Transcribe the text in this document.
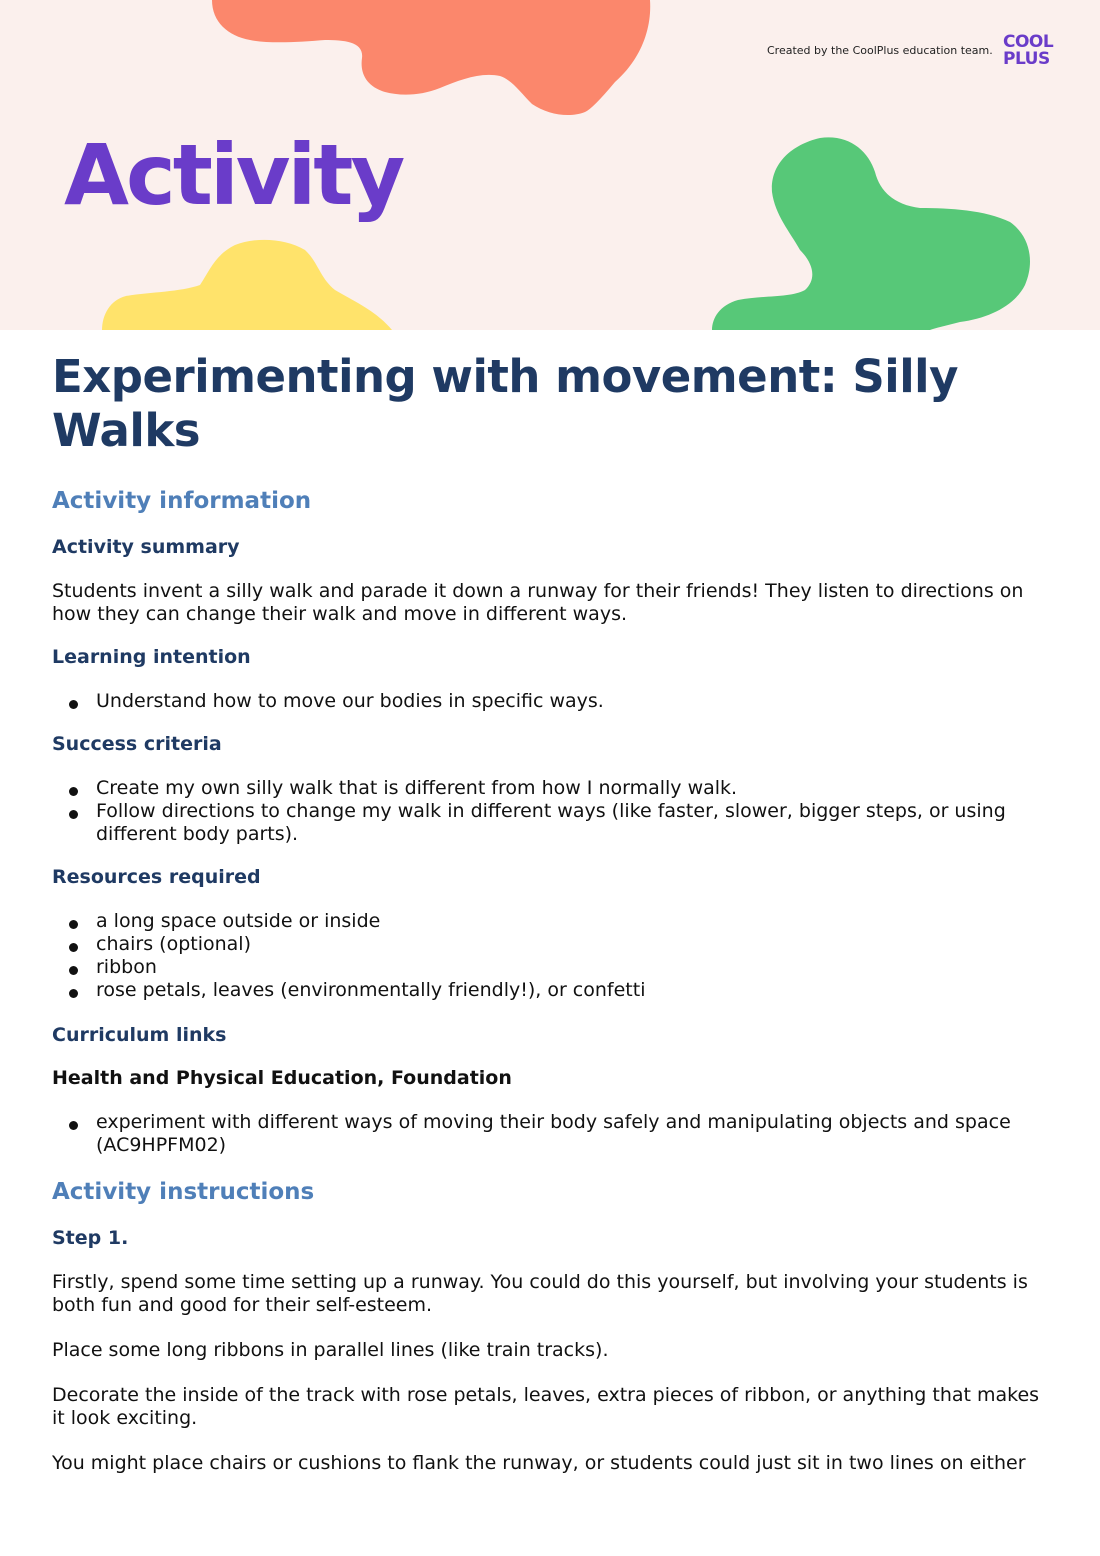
Created by the CoolPlus education team. COOL
PLUS
Activity
Experimenting with movement: Silly Walks
Activity information
Activity summary

Students invent a silly walk and parade it down a runway for their friends! They listen to directions on how they can change their walk and move in different ways.

Learning intention
Understand how to move our bodies in specific ways.
Success criteria
Create my own silly walk that is different from how I normally walk.
Follow directions to change my walk in different ways (like faster, slower, bigger steps, or using different body parts).
Resources required
a long space outside or inside
chairs (optional)
ribbon
rose petals, leaves (environmentally friendly!), or confetti
Curriculum links
Health and Physical Education, Foundation
experiment with different ways of moving their body safely and manipulating objects and space (AC9HPFM02)
Activity instructions
Step 1.

Firstly, spend some time setting up a runway. You could do this yourself, but involving your students is both fun and good for their self-esteem.

Place some long ribbons in parallel lines (like train tracks).

Decorate the inside of the track with rose petals, leaves, extra pieces of ribbon, or anything that makes it look exciting.

You might place chairs or cushions to flank the runway, or students could just sit in two lines on either
